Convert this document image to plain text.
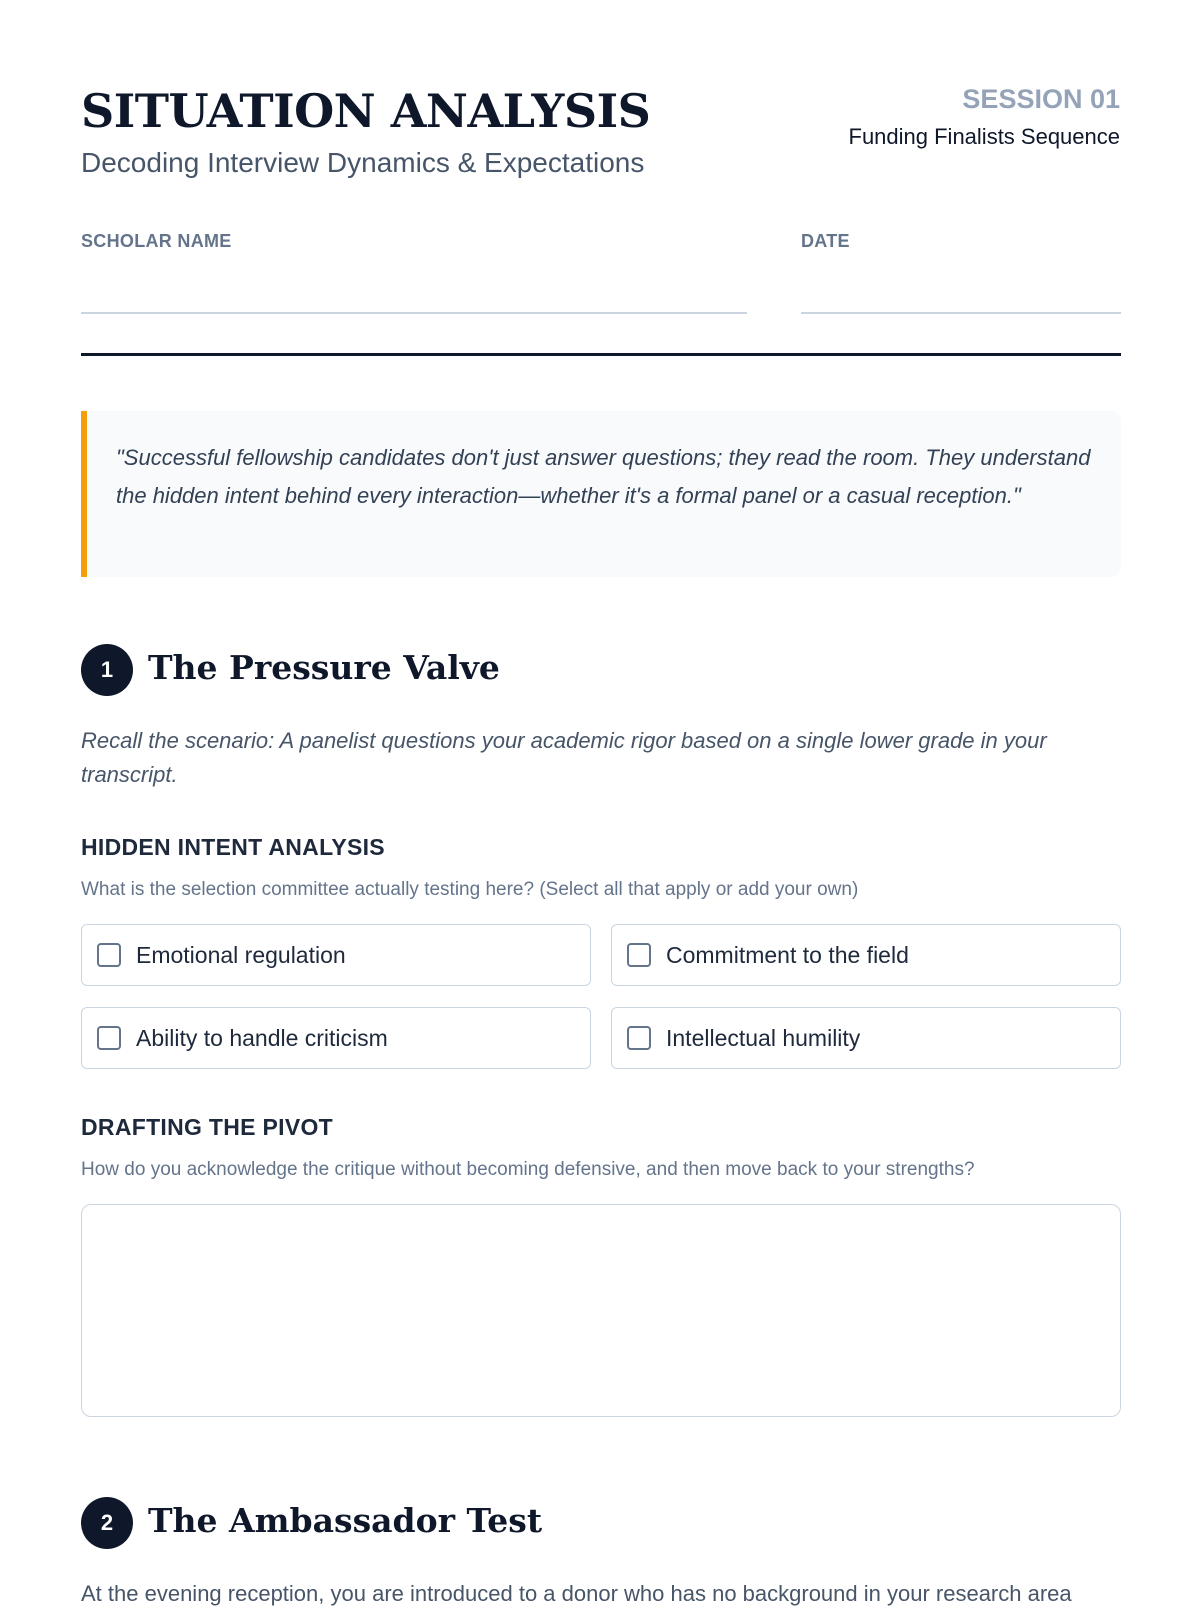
SITUATION ANALYSIS
Decoding Interview Dynamics & Expectations
SESSION 01
Funding Finalists Sequence
SCHOLAR NAME	DATE
"Successful fellowship candidates don't just answer questions; they read the room. They understand the hidden intent behind every interaction—whether it's a formal panel or a casual reception."
1	The Pressure Valve
Recall the scenario: A panelist questions your academic rigor based on a single lower grade in your transcript.
HIDDEN INTENT ANALYSIS
What is the selection committee actually testing here? (Select all that apply or add your own)
Emotional regulation	Commitment to the field
Ability to handle criticism	Intellectual humility
DRAFTING THE PIVOT
How do you acknowledge the critique without becoming defensive, and then move back to your strengths?
2	The Ambassador Test
At the evening reception, you are introduced to a donor who has no background in your research area
